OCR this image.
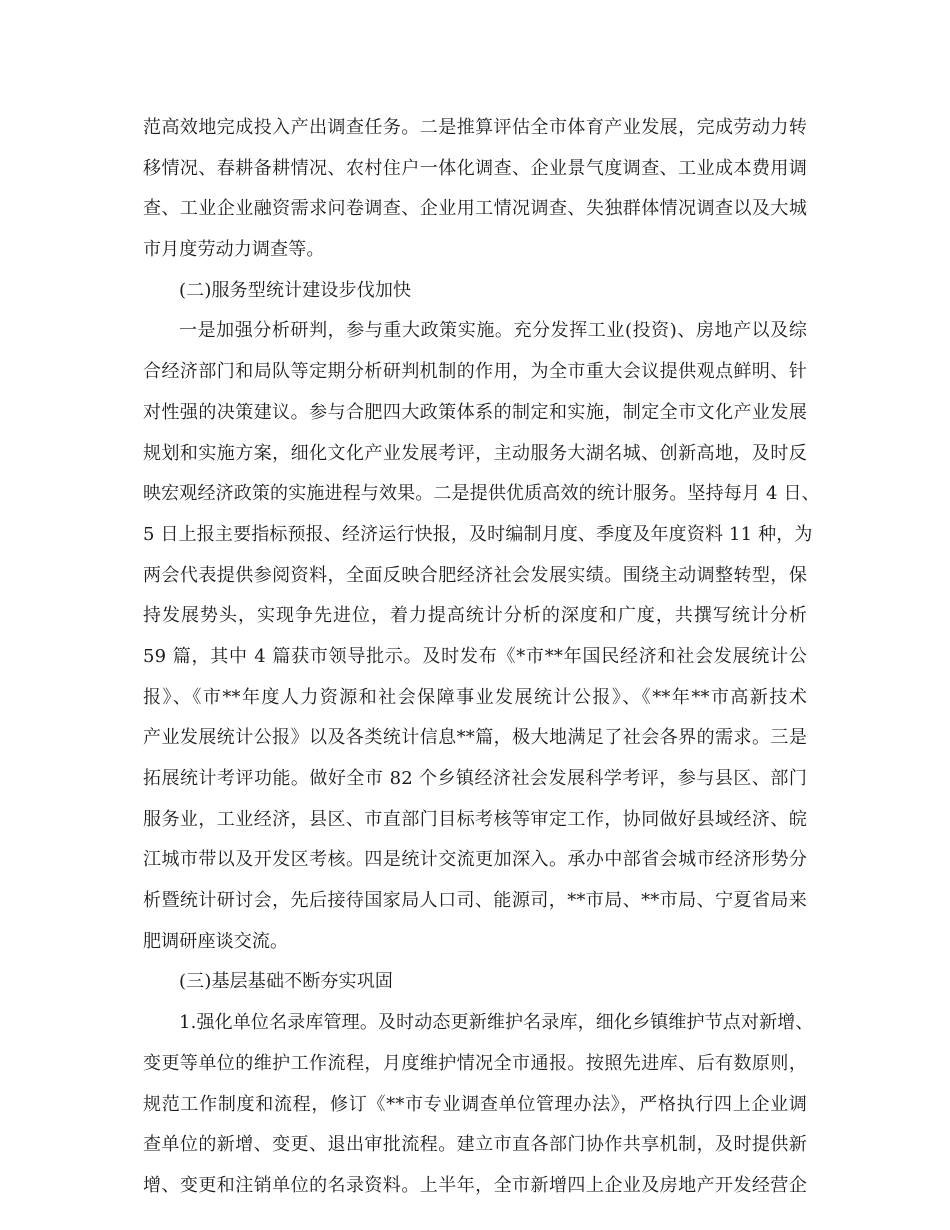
范高效地完成投入产出调查任务。二是推算评估全市体育产业发展，完成劳动力转
移情况、春耕备耕情况、农村住户一体化调查、企业景气度调查、工业成本费用调
查、工业企业融资需求问卷调查、企业用工情况调查、失独群体情况调查以及大城
市月度劳动力调查等。
(二)服务型统计建设步伐加快
一是加强分析研判，参与重大政策实施。充分发挥工业(投资)、房地产以及综
合经济部门和局队等定期分析研判机制的作用，为全市重大会议提供观点鲜明、针
对性强的决策建议。参与合肥四大政策体系的制定和实施，制定全市文化产业发展
规划和实施方案，细化文化产业发展考评，主动服务大湖名城、创新高地，及时反
映宏观经济政策的实施进程与效果。二是提供优质高效的统计服务。坚持每月 4 日、
5 日上报主要指标预报、经济运行快报，及时编制月度、季度及年度资料 11 种，为
两会代表提供参阅资料，全面反映合肥经济社会发展实绩。围绕主动调整转型，保
持发展势头，实现争先进位，着力提高统计分析的深度和广度，共撰写统计分析
59 篇，其中 4 篇获市领导批示。及时发布《*市**年国民经济和社会发展统计公
报》、《市**年度人力资源和社会保障事业发展统计公报》、《**年**市高新技术
产业发展统计公报》以及各类统计信息**篇，极大地满足了社会各界的需求。三是
拓展统计考评功能。做好全市 82 个乡镇经济社会发展科学考评，参与县区、部门
服务业，工业经济，县区、市直部门目标考核等审定工作，协同做好县域经济、皖
江城市带以及开发区考核。四是统计交流更加深入。承办中部省会城市经济形势分
析暨统计研讨会，先后接待国家局人口司、能源司，**市局、**市局、宁夏省局来
肥调研座谈交流。
(三)基层基础不断夯实巩固
1.强化单位名录库管理。及时动态更新维护名录库，细化乡镇维护节点对新增、
变更等单位的维护工作流程，月度维护情况全市通报。按照先进库、后有数原则，
规范工作制度和流程，修订《**市专业调查单位管理办法》，严格执行四上企业调
查单位的新增、变更、退出审批流程。建立市直各部门协作共享机制，及时提供新
增、变更和注销单位的名录资料。上半年，全市新增四上企业及房地产开发经营企
